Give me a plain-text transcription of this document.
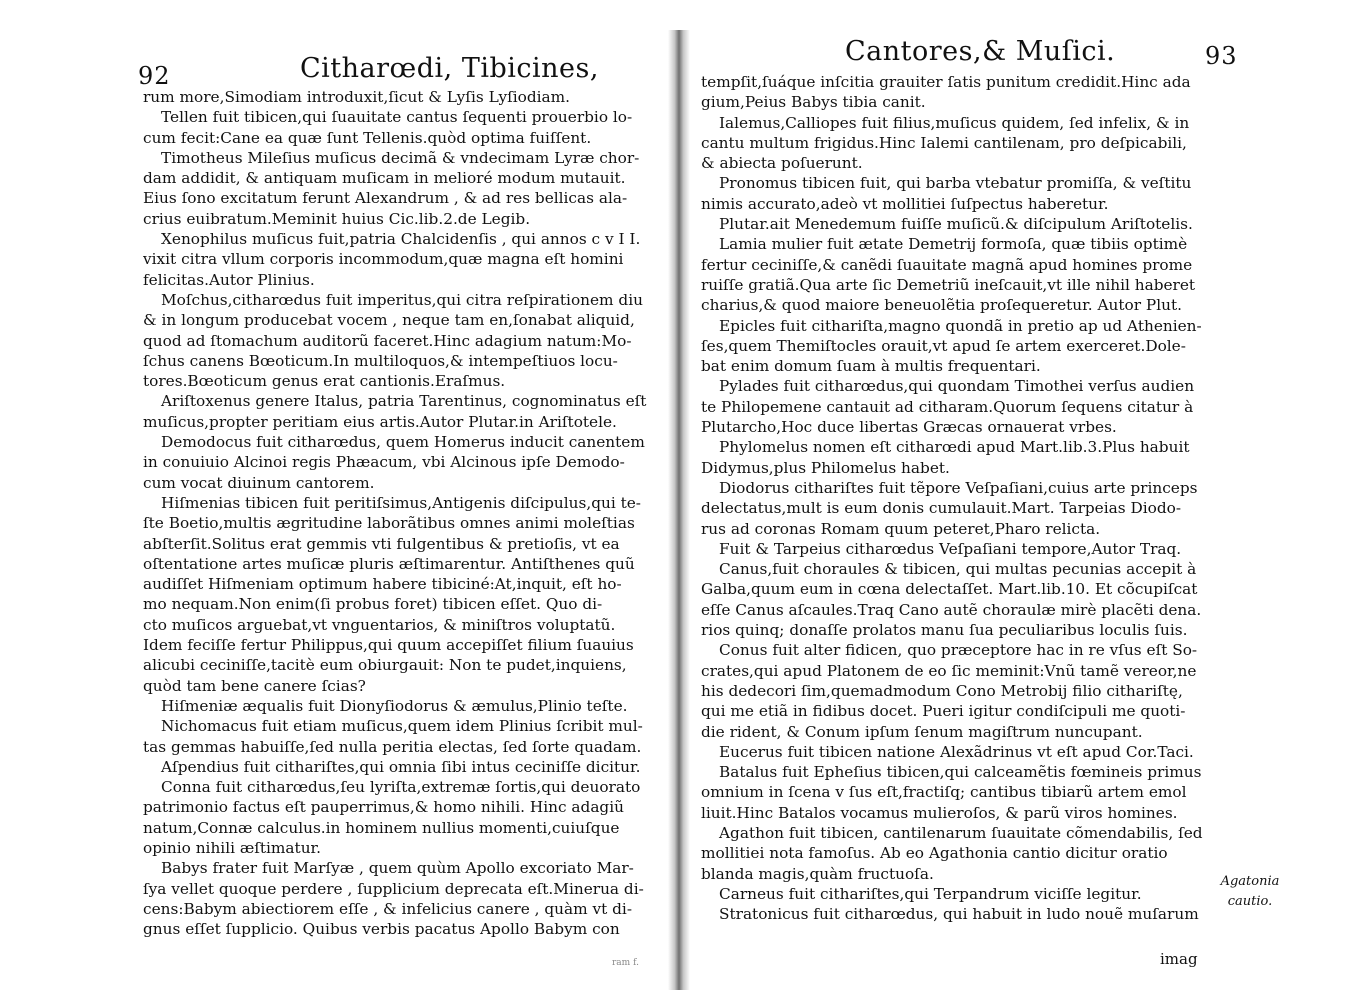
92	Citharœdi, Tibicines,
rum more,Simodiam introduxit,ſicut & Lyſis Lyſiodiam.
Tellen fuit tibicen,qui ſuauitate cantus ſequenti prouerbio lo-
cum fecit:Cane ea quæ ſunt Tellenis.quòd optima fuiſſent.
Timotheus Mileſius muſicus decimã & vndecimam Lyræ chor-
dam addidit, & antiquam muſicam in melioré modum mutauit.
Eius ſono excitatum ferunt Alexandrum , & ad res bellicas ala-
crius euibratum.Meminit huius Cic.lib.2.de Legib.
Xenophilus muſicus fuit,patria Chalcidenſis , qui annos c v I I.
vixit citra vllum corporis incommodum,quæ magna eſt homini
felicitas.Autor Plinius.
Moſchus,citharœdus fuit imperitus,qui citra reſpirationem diu
& in longum producebat vocem , neque tam en,ſonabat aliquid,
quod ad ſtomachum auditorũ faceret.Hinc adagium natum:Mo-
ſchus canens Bœoticum.In multiloquos,& intempeſtiuos locu-
tores.Bœoticum genus erat cantionis.Eraſmus.
Ariſtoxenus genere Italus, patria Tarentinus, cognominatus eſt
muſicus,propter peritiam eius artis.Autor Plutar.in Ariſtotele.
Demodocus fuit citharœdus, quem Homerus inducit canentem
in conuiuio Alcinoi regis Phæacum, vbi Alcinous ipſe Demodo-
cum vocat diuinum cantorem.
Hiſmenias tibicen fuit peritiſsimus,Antigenis diſcipulus,qui te-
ſte Boetio,multis ægritudine laborãtibus omnes animi moleſtias
abſterſit.Solitus erat gemmis vti fulgentibus & pretioſis, vt ea
oſtentatione artes muſicæ pluris æſtimarentur. Antiſthenes quũ
audiſſet Hiſmeniam optimum habere tibiciné:At,inquit, eſt ho-
mo nequam.Non enim(ſi probus foret) tibicen eſſet. Quo di-
cto muſicos arguebat,vt vnguentarios, & miniſtros voluptatũ.
Idem feciſſe fertur Philippus,qui quum accepiſſet filium ſuauius
alicubi ceciniſſe,tacitè eum obiurgauit: Non te pudet,inquiens,
quòd tam bene canere ſcias?
Hiſmeniæ æqualis fuit Dionyſiodorus & æmulus,Plinio teſte.
Nichomacus fuit etiam muſicus,quem idem Plinius ſcribit mul-
tas gemmas habuiſſe,ſed nulla peritia electas, ſed ſorte quadam.
Aſpendius fuit cithariſtes,qui omnia ſibi intus ceciniſſe dicitur.
Conna fuit citharœdus,ſeu lyriſta,extremæ ſortis,qui deuorato
patrimonio factus eſt pauperrimus,& homo nihili. Hinc adagiũ
natum,Connæ calculus.in hominem nullius momenti,cuiuſque
opinio nihili æſtimatur.
Babys frater fuit Marſyæ , quem quùm Apollo excoriato Mar-
ſya vellet quoque perdere , ſupplicium deprecata eſt.Minerua di-
cens:Babym abiectiorem eſſe , & infelicius canere , quàm vt di-
gnus eſſet ſupplicio. Quibus verbis pacatus Apollo Babym con
ram f.
Cantores,& Muſici.	93
tempſit,ſuáque inſcitia grauiter ſatis punitum credidit.Hinc ada
gium,Peius Babys tibia canit.
Ialemus,Calliopes fuit filius,muſicus quidem, ſed infelix, & in
cantu multum frigidus.Hinc Ialemi cantilenam, pro deſpicabili,
& abiecta poſuerunt.
Pronomus tibicen fuit, qui barba vtebatur promiſſa, & veſtitu
nimis accurato,adeò vt mollitiei ſuſpectus haberetur.
Plutar.ait Menedemum fuiſſe muſicũ.& diſcipulum Ariſtotelis.
Lamia mulier fuit ætate Demetrij formoſa, quæ tibiis optimè
fertur ceciniſſe,& canẽdi ſuauitate magnã apud homines prome
ruiſſe gratiã.Qua arte ſic Demetriũ ineſcauit,vt ille nihil haberet
charius,& quod maiore beneuolẽtia proſequeretur. Autor Plut.
Epicles fuit cithariſta,magno quondã in pretio ap ud Athenien-
ſes,quem Themiſtocles orauit,vt apud ſe artem exerceret.Dole-
bat enim domum ſuam à multis frequentari.
Pylades fuit citharœdus,qui quondam Timothei verſus audien
te Philopemene cantauit ad citharam.Quorum ſequens citatur à
Plutarcho,Hoc duce libertas Græcas ornauerat vrbes.
Phylomelus nomen eſt citharœdi apud Mart.lib.3.Plus habuit
Didymus,plus Philomelus habet.
Diodorus cithariſtes fuit tẽpore Veſpaſiani,cuius arte princeps
delectatus,mult is eum donis cumulauit.Mart. Tarpeias Diodo-
rus ad coronas Romam quum peteret,Pharo relicta.
Fuit & Tarpeius citharœdus Veſpaſiani tempore,Autor Traq.
Canus,fuit choraules & tibicen, qui multas pecunias accepit à
Galba,quum eum in cœna delectaſſet. Mart.lib.10. Et cõcupiſcat
eſſe Canus aſcaules.Traq Cano autẽ choraulæ mirè placẽti dena.
rios quinq; donaſſe prolatos manu ſua peculiaribus loculis ſuis.
Conus fuit alter fidicen, quo præceptore hac in re vſus eſt So-
crates,qui apud Platonem de eo ſic meminit:Vnũ tamẽ vereor,ne
his dedecori ſim,quemadmodum Cono Metrobij filio cithariſtę,
qui me etiã in fidibus docet. Pueri igitur condiſcipuli me quoti-
die rident, & Conum ipſum ſenum magiſtrum nuncupant.
Eucerus fuit tibicen natione Alexãdrinus vt eſt apud Cor.Taci.
Batalus fuit Epheſius tibicen,qui calceamẽtis fœmineis primus
omnium in ſcena v ſus eſt,fractiſq; cantibus tibiarũ artem emol
liuit.Hinc Batalos vocamus mulieroſos, & parũ viros homines.
Agathon fuit tibicen, cantilenarum ſuauitate cõmendabilis, ſed
mollitiei nota famoſus. Ab eo Agathonia cantio dicitur oratio
blanda magis,quàm fructuoſa.
Carneus fuit cithariſtes,qui Terpandrum viciſſe legitur.
Stratonicus fuit citharœdus, qui habuit in ludo nouẽ muſarum
Agatonia
cautio.
imag
